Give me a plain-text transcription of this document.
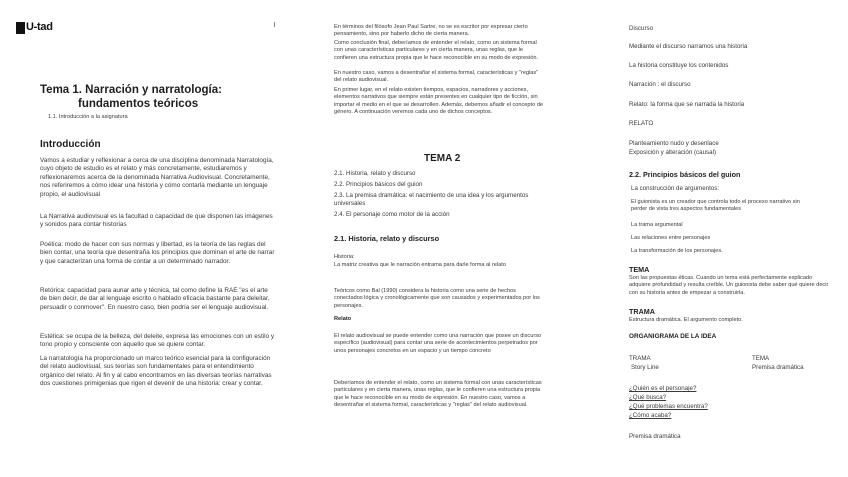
U-tad
Tema 1. Narración y narratología:
fundamentos teóricos
1.1. Introducción a la asignatura
Introducción
Vamos a estudiar y reflexionar a cerca de una disciplina denominada Narratología, cuyo objeto de estudio es el relato y más concretamente, estudiaremos y reflexionaremos acerca de la denominada Narrativa Audiovisual. Concretamente, nos referiremos a cómo idear una historia y cómo contarla mediante un lenguaje propio, el audiovisual
La Narrativa audiovisual es la facultad o capacidad de que disponen las imágenes y sonidos para contar historias
Poética: modo de hacer con sus normas y libertad, es la teoría de las reglas del bien contar, una teoría que desentraña los principios que dominan el arte de narrar y que caracterizan una forma de contar a un determinado narrador.
Retórica: capacidad para aunar arte y técnica, tal como define la RAE "es el arte de bien decir, de dar al lenguaje escrito o hablado eficacia bastante para deleitar, persuadir o conmover". En nuestro caso, bien podría ser el lenguaje audiovisual.
Estética: se ocupa de la belleza, del deleite, expresa las emociones con un estilo y tono propio y consciente con aquello que se quiere contar.
La narratología ha proporcionado un marco teórico esencial para la configuración del relato audiovisual, sus teorías son fundamentales para el entendimiento orgánico del relato. Al fin y al cabo encontramos en las diversas teorías narrativas dos cuestiones primigenias que rigen el devenir de una historia: crear y contar.
En términos del filósofo Jean Paul Sartre, no se es escritor por expresar cierto pensamiento, sino por haberlo dicho de cierta manera.
Como conclusión final, deberíamos de entender el relato, como un sistema formal con unas características particulares y en cierta manera, unas reglas, que le confieren una estructura propia que le hace reconocible en su modo de expresión.
En nuestro caso, vamos a desentrañar el sistema formal, características y "reglas" del relato audiovisual.
En primer lugar, en el relato existen tiempos, espacios, narradores y acciones, elementos narrativos que siempre están presentes en cualquier tipo de ficción, sin importar el medio en el que se desarrollen. Además, debemos añadir el concepto de género. A continuación veremos cada uno de dichos conceptos.
TEMA 2
2.1. Historia, relato y discurso
2.2. Principios básicos del guion
2.3. La premisa dramática: el nacimiento de una idea y los argumentos universales
2.4. El personaje como motor de la acción
2.1. Historia, relato y discurso
Historia:
La matriz creativa que le narración entrama para darle forma al relato
Teóricos como Bal (1990) considera la historia como una serie de hechos conectados lógica y cronológicamente que son causados y experimentados por los personajes.
Relato
El relato audiovisual se puede entender como una narración que posee un discurso específico (audiovisual) para contar una serie de acontecimientos perpetrados por unos personajes concretos en un espacio y un tiempo concreto
Deberíamos de entender el relato, como un sistema formal con unas características particulares y en cierta manera, unas reglas, que le confieren una estructura propia que le hace reconocible en su modo de expresión. En nuestro caso, vamos a desentrañar el sistema formal, características y "reglas" del relato audiovisual.
Discurso
Mediante el discurso narramos una historia
La historia constituye los contenidos
Narración : el discurso
Relato: la forma que se narrada la historia
RELATO
Planteamiento nudo y desenlace
Exposición y alteración (causal)
2.2. Principios básicos del guion
La construcción de argumentos:
El guionista es un creador que controla todo el proceso narrativo sin perder de vista tres aspectos fundamentales
La trama argumental
Las relaciones entre personajes
La transformación de los personajes.
TEMA
Son las propuestas éticas. Cuando un tema está perfectamente explicado adquiere profundidad y resulta creíble. Un guionista debe saber qué quiere decir con su historia antes de empezar a construirla.
TRAMA
Estructura dramática. El argumento completo.
ORGANIGRAMA DE LA IDEA
TRAMA
Story Line
TEMA
Premisa dramática
¿Quién es el personaje?
¿Qué busca?
¿Qué problemas encuentra?
¿Cómo acaba?
Premisa dramática
